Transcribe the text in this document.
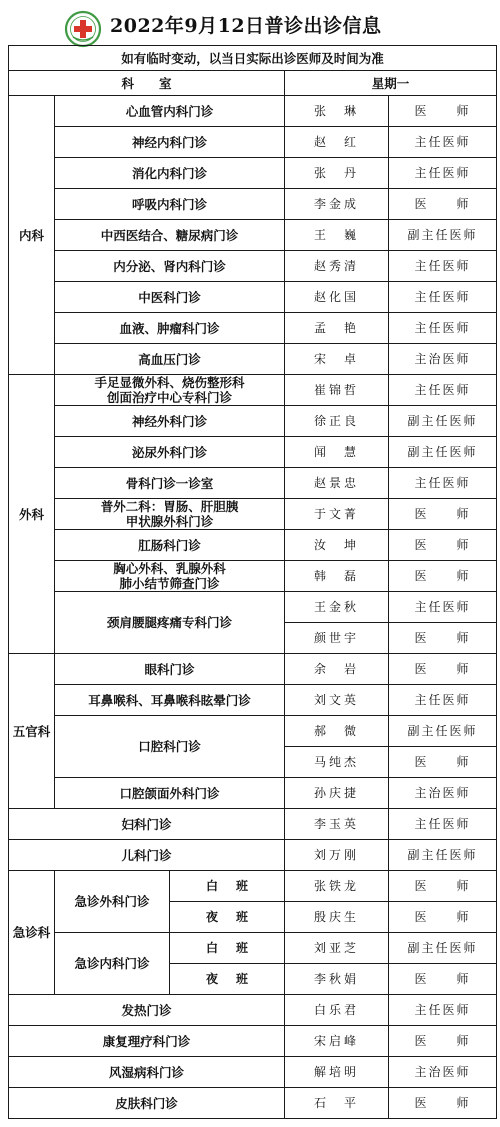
2022年9月12日普诊出诊信息
如有临时变动，以当日实际出诊医师及时间为准				
科　　室			星期一	
内科	心血管内科门诊		张　琳	医　　师
	神经内科门诊		赵　红	主任医师
	消化内科门诊		张　丹	主任医师
	呼吸内科门诊		李金成	医　　师
	中西医结合、糖尿病门诊		王　巍	副主任医师
	内分泌、肾内科门诊		赵秀清	主任医师
	中医科门诊		赵化国	主任医师
	血液、肿瘤科门诊		孟　艳	主任医师
	高血压门诊		宋　卓	主治医师
外科	手足显微外科、烧伤整形科
创面治疗中心专科门诊		崔锦哲	主任医师
	神经外科门诊		徐正良	副主任医师
	泌尿外科门诊		闻　慧	副主任医师
	骨科门诊一诊室		赵景忠	主任医师

	普外二科：胃肠、肝胆胰
甲状腺外科门诊		于文菁	医　　师
	肛肠科门诊		汝　坤	医　　师

	胸心外科、乳腺外科
肺小结节筛查门诊		韩　磊	医　　师
	颈肩腰腿疼痛专科门诊		王金秋	主任医师
			颜世宇	医　　师
五官科	眼科门诊		余　岩	医　　师
	耳鼻喉科、耳鼻喉科眩晕门诊		刘文英	主任医师
	口腔科门诊		郝　微	副主任医师
			马纯杰	医　　师
	口腔颌面外科门诊		孙庆捷	主治医师
妇科门诊			李玉英	主任医师
儿科门诊			刘万刚	副主任医师
急诊科	急诊外科门诊	白班	张铁龙	医　　师
		夜班	殷庆生	医　　师
	急诊内科门诊	白班	刘亚芝	副主任医师
		夜班	李秋娟	医　　师
发热门诊			白乐君	主任医师
康复理疗科门诊			宋启峰	医　　师
风湿病科门诊			解培明	主治医师
皮肤科门诊			石　平	医　　师
